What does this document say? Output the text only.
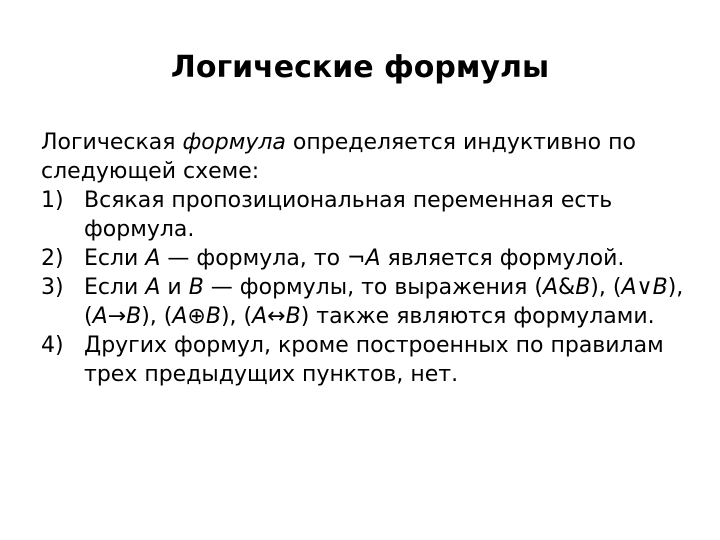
Логические формулы

Логическая формула определяется индуктивно по следующей схеме:

1) Всякая пропозициональная переменная есть формула.
2) Если A — формула, то ¬A является формулой.
3) Если A и B — формулы, то выражения (A&B), (A∨B), (A→B), (A⊕B), (A↔B) также являются формулами.
4) Других формул, кроме построенных по правилам трех предыдущих пунктов, нет.
